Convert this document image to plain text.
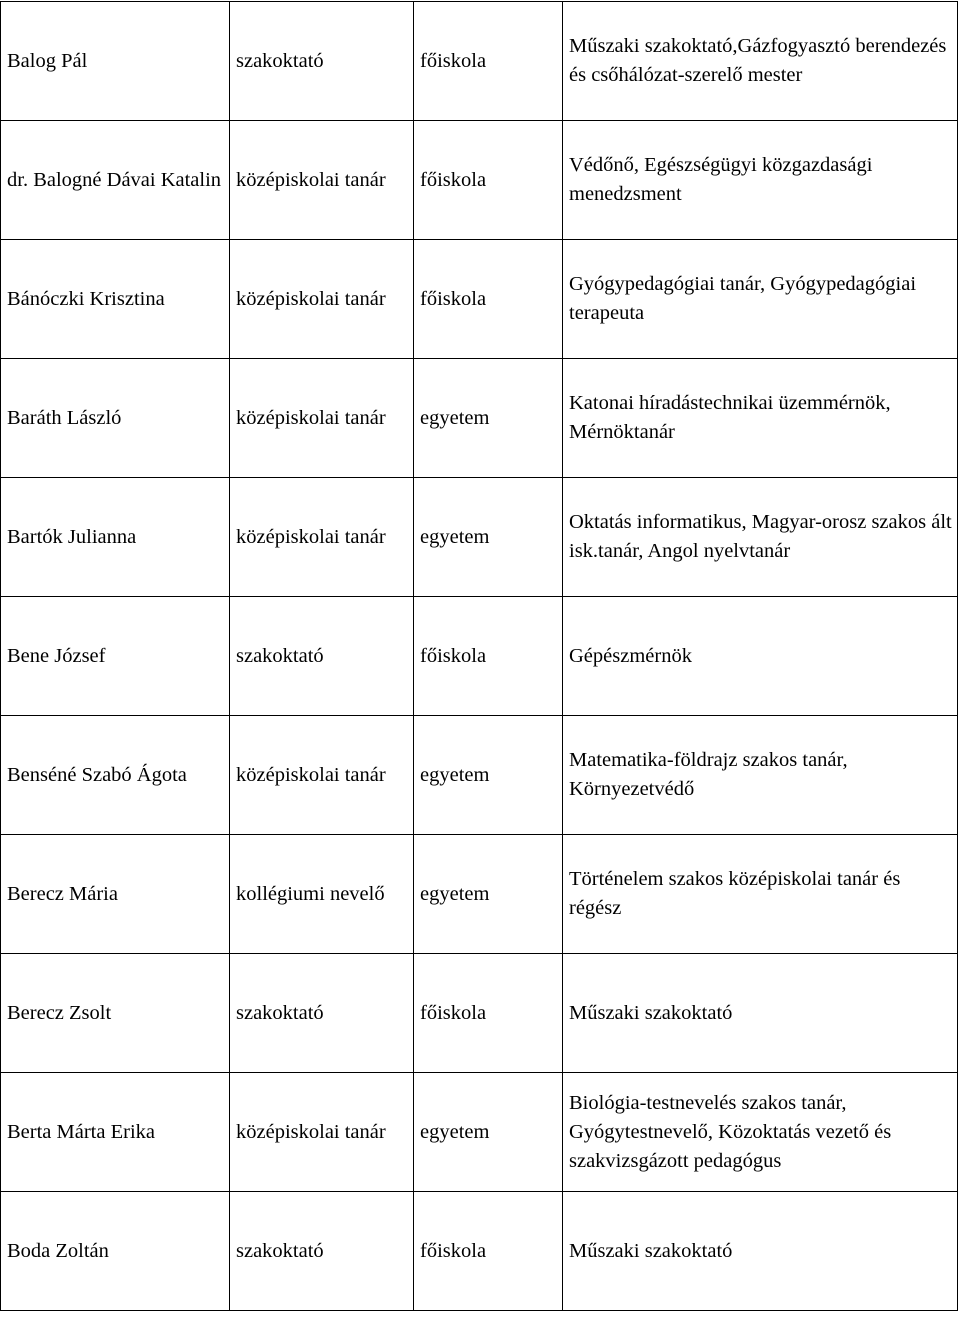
Balog Pál	szakoktató	főiskola	Műszaki szakoktató,Gázfogyasztó berendezés és csőhálózat-szerelő mester
dr. Balogné Dávai Katalin	középiskolai tanár	főiskola	Védőnő, Egészségügyi közgazdasági menedzsment
Bánóczki Krisztina	középiskolai tanár	főiskola	Gyógypedagógiai tanár, Gyógypedagógiai terapeuta
Baráth László	középiskolai tanár	egyetem	Katonai híradástechnikai üzemmérnök, Mérnöktanár
Bartók Julianna	középiskolai tanár	egyetem	Oktatás informatikus, Magyar-orosz szakos ált isk.tanár, Angol nyelvtanár
Bene József	szakoktató	főiskola	Gépészmérnök
Benséné Szabó Ágota	középiskolai tanár	egyetem	Matematika-földrajz szakos tanár, Környezetvédő
Berecz Mária	kollégiumi nevelő	egyetem	Történelem szakos középiskolai tanár és régész
Berecz Zsolt	szakoktató	főiskola	Műszaki szakoktató
Berta Márta Erika	középiskolai tanár	egyetem	Biológia-testnevelés szakos tanár, Gyógytestnevelő, Közoktatás vezető és szakvizsgázott pedagógus
Boda Zoltán	szakoktató	főiskola	Műszaki szakoktató
